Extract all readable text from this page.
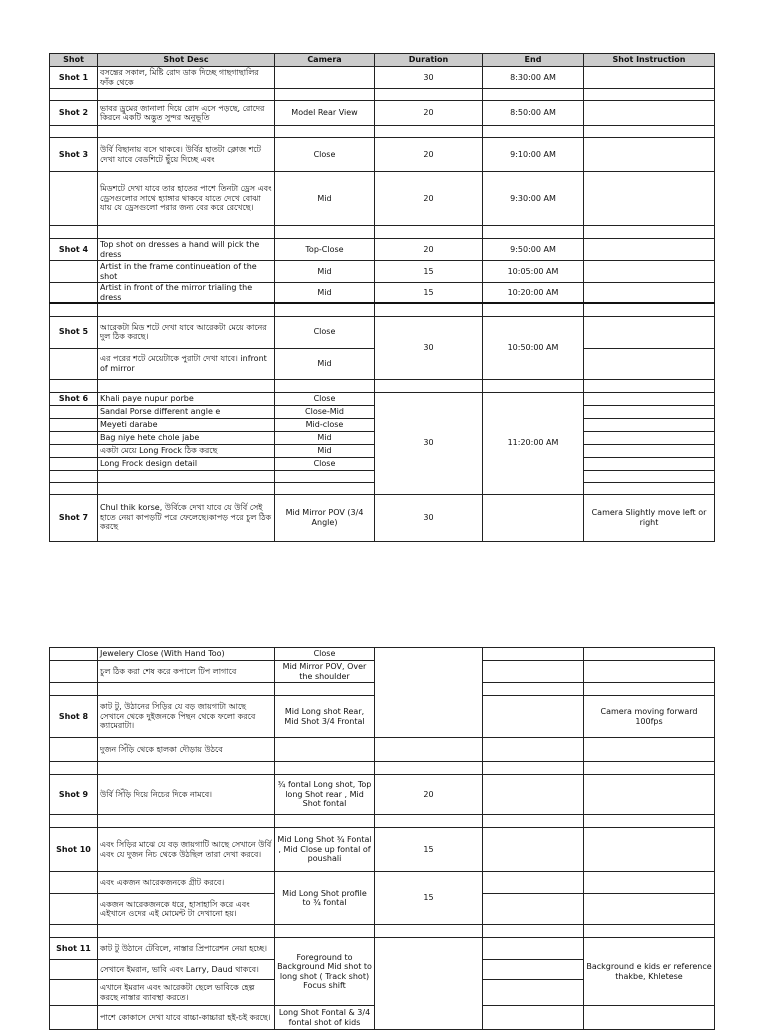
Shot	Shot Desc	Camera	Duration	End	Shot Instruction
Shot 1	বসন্তের সকাল, মিষ্টি রোদ ডাক দিচ্ছে গাছগাছালির ফাঁক থেকে		30	8:30:00 AM	

Shot 2	ভাবর ড্রুমের জানালা দিয়ে রোদ এসে পড়ছে, রোদের কিরনে একটি অদ্ভুত সুন্দর অনুভূতি	Model Rear View	20	8:50:00 AM	

Shot 3	উর্বি বিছানায় বসে থাকবে। উর্বির হাতটা ক্লোজ শটে দেখা যাবে বেডশিটে ছুঁয়ে দিচ্ছে এবং	Close	20	9:10:00 AM	
	মিডশটে দেখা যাবে তার হাতের পাশে তিনটা ড্রেস এবং ড্রেসগুলোর সাথে হ্যাঙ্গার থাকবে যাতে দেখে বোঝা যায় যে ড্রেসগুলো পরার জন্য বের করে রেখেছে।	Mid	20	9:30:00 AM	

Shot 4	Top shot on dresses a hand will pick the dress	Top-Close	20	9:50:00 AM	
	Artist in the frame continueation of the shot	Mid	15	10:05:00 AM	
	Artist in front of the mirror trialing the dress	Mid	15	10:20:00 AM	

Shot 5	আরেকটা মিড শটে দেখা যাবে আরেকটা মেয়ে কানের দুল ঠিক করছে।	Close	30	10:50:00 AM	
	এর পরের শটে মেয়েটাকে পুরাটা দেখা যাবে। infront of mirror	Mid			

Shot 6	Khali paye nupur porbe	Close	30	11:20:00 AM	
	Sandal Porse different angle e	Close-Mid			
	Meyeti darabe	Mid-close			
	Bag niye hete chole jabe	Mid			
	একটা মেয়ে Long Frock ঠিক করছে	Mid			
	Long Frock design detail	Close			

Shot 7	Chul thik korse, উর্বিকে দেখা যাবে যে উর্বি সেই হাতে নেয়া কাপড়টি পরে ফেলেছে।কাপড় পরে চুল ঠিক করছে	Mid Mirror POV (3/4 Angle)	30		Camera Slightly move left or right
	Jewelery Close (With Hand Too)	Close			
	চুল ঠিক করা শেষ করে কপালে টিপ লাগাবে	Mid Mirror POV, Over the shoulder			

Shot 8	কাট টু, উঠানের সিড়ির যে বড় জায়গাটা আছে সেখানে থেকে দুইজনকে পিছন থেকে ফলো করবে ক্যামেরাটা।	Mid Long shot Rear, Mid Shot 3/4 Frontal			Camera moving forward 100fps
	দুজন সিঁড়ি থেকে হালকা দৌড়ায় উঠবে				

Shot 9	উর্বি সিঁড়ি দিয়ে নিচের দিকে নামবে।	¾ fontal Long shot, Top long Shot rear , Mid Shot fontal	20		

Shot 10	এবং সিড়ির মাঝে যে বড় জায়গাটি আছে সেখানে উর্বি এবং যে দুজন নিচ থেকে উঠছিল তারা দেখা করবে।	Mid Long Shot ¾ Fontal , Mid Close up fontal of poushali	15		
	এবং একজন আরেকজনকে গ্রীট করবে।	Mid Long Shot profile to ¾ fontal	15		
	একজন আরেকজনকে ধরে, হাসাহাসি করে এবং এইখানে ওদের এই মোমেন্ট টা দেখানো হয়।				

Shot 11	কাট টু উঠানে টেবিলে, নাস্তার প্রিপারেশন নেয়া হচ্ছে।	Foreground to Background Mid shot to long shot ( Track shot) Focus shift			Background e kids er reference thakbe, Khletese
	সেখানে ইমরান, ভাবি এবং Larry, Daud থাকবে।				
	এখানে ইমরান এবং আরেকটা ছেলে ভাবিকে হেল্প করছে নাস্তার ব্যাবস্থা করতে।				
	পাশে কোকাসে দেখা যাবে বাচ্চা-কাচ্চারা হই-চই করছে।	Long Shot Fontal & 3/4 fontal shot of kids			
